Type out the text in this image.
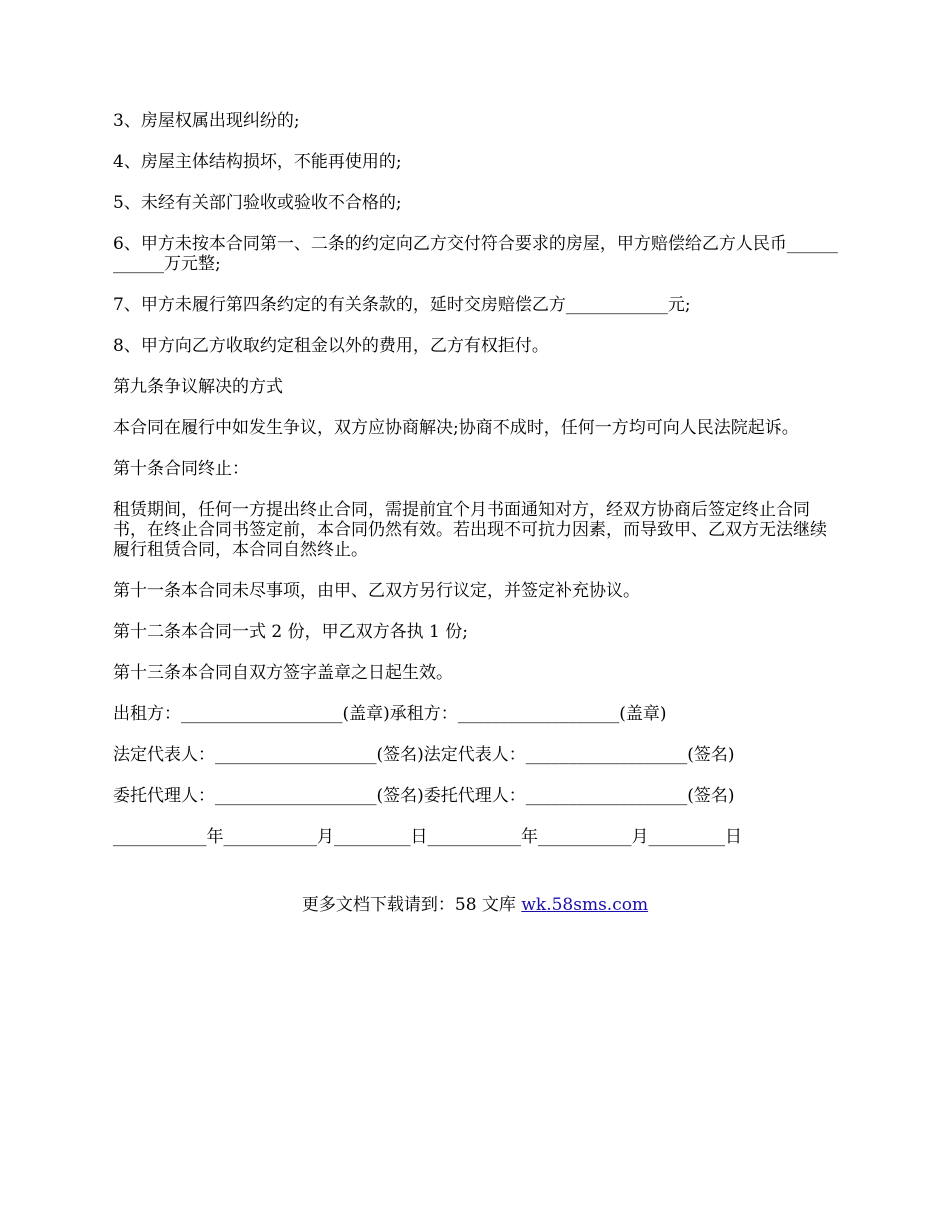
3、房屋权属出现纠纷的;

4、房屋主体结构损坏，不能再使用的;

5、未经有关部门验收或验收不合格的;

6、甲方未按本合同第一、二条的约定向乙方交付符合要求的房屋，甲方赔偿给乙方人民币____________万元整;

7、甲方未履行第四条约定的有关条款的，延时交房赔偿乙方____________元;

8、甲方向乙方收取约定租金以外的费用，乙方有权拒付。

第九条争议解决的方式

本合同在履行中如发生争议，双方应协商解决;协商不成时，任何一方均可向人民法院起诉。

第十条合同终止：

租赁期间，任何一方提出终止合同，需提前宜个月书面通知对方，经双方协商后签定终止合同书，在终止合同书签定前，本合同仍然有效。若出现不可抗力因素，而导致甲、乙双方无法继续履行租赁合同，本合同自然终止。

第十一条本合同未尽事项，由甲、乙双方另行议定，并签定补充协议。

第十二条本合同一式 2 份，甲乙双方各执 1 份;

第十三条本合同自双方签字盖章之日起生效。

出租方：___________________(盖章)承租方：___________________(盖章)

法定代表人：___________________(签名)法定代表人：___________________(签名)

委托代理人：___________________(签名)委托代理人：___________________(签名)

___________年___________月_________日___________年___________月_________日

更多文档下载请到：58 文库 wk.58sms.com
